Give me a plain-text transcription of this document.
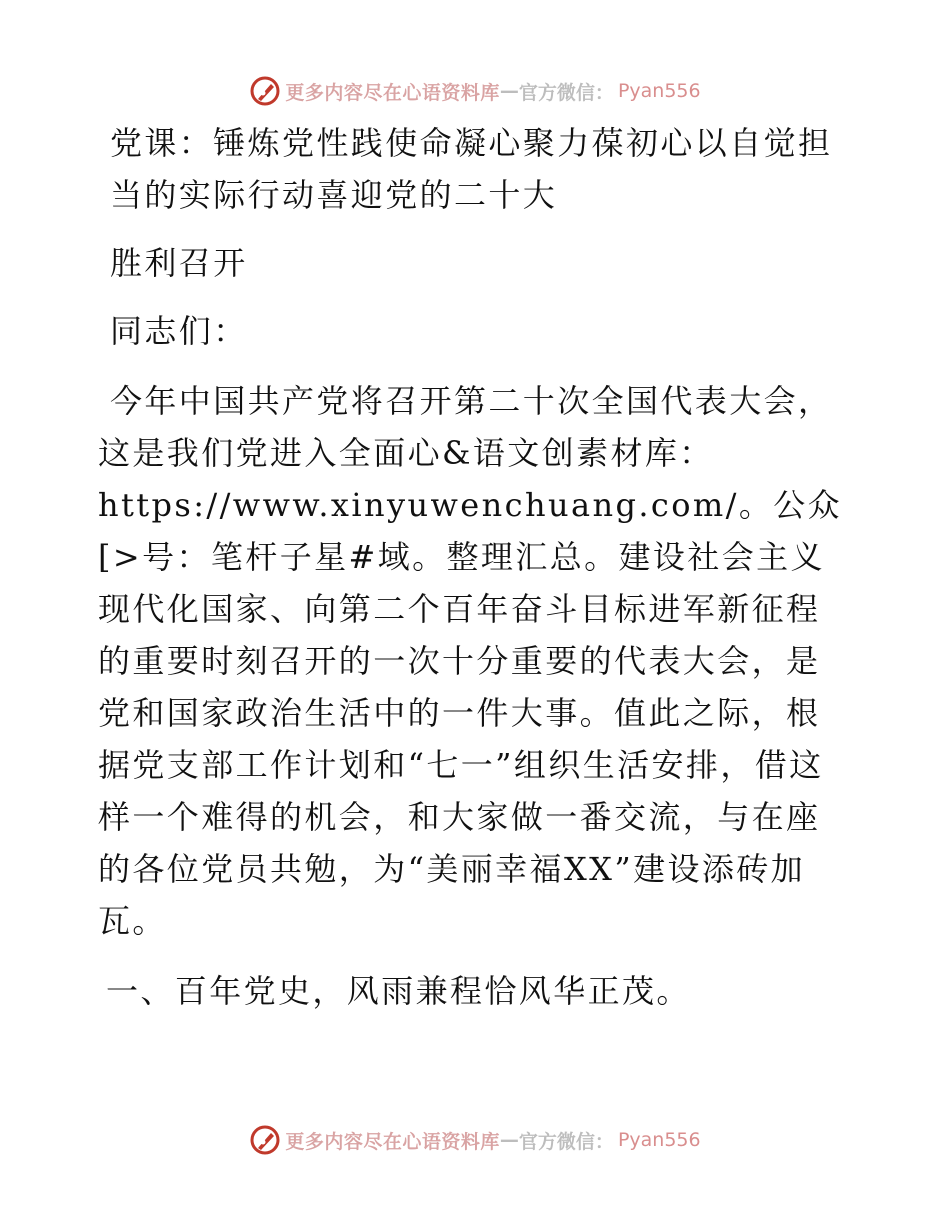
更多内容尽在心语资料库 — 官方微信： Pyan556

党课：锤炼党性践使命凝心聚力葆初心以自觉担当的实际行动喜迎党的二十大

胜利召开

同志们：

今年中国共产党将召开第二十次全国代表大会，这是我们党进入全面心&语文创素材库：https://www.xinyuwenchuang.com/。公众[>号：笔杆子星#域。整理汇总。建设社会主义现代化国家、向第二个百年奋斗目标进军新征程的重要时刻召开的一次十分重要的代表大会，是党和国家政治生活中的一件大事。值此之际，根据党支部工作计划和“七一”组织生活安排，借这样一个难得的机会，和大家做一番交流，与在座的各位党员共勉，为“美丽幸福XX”建设添砖加瓦。

一、百年党史，风雨兼程恰风华正茂。

更多内容尽在心语资料库 — 官方微信： Pyan556
